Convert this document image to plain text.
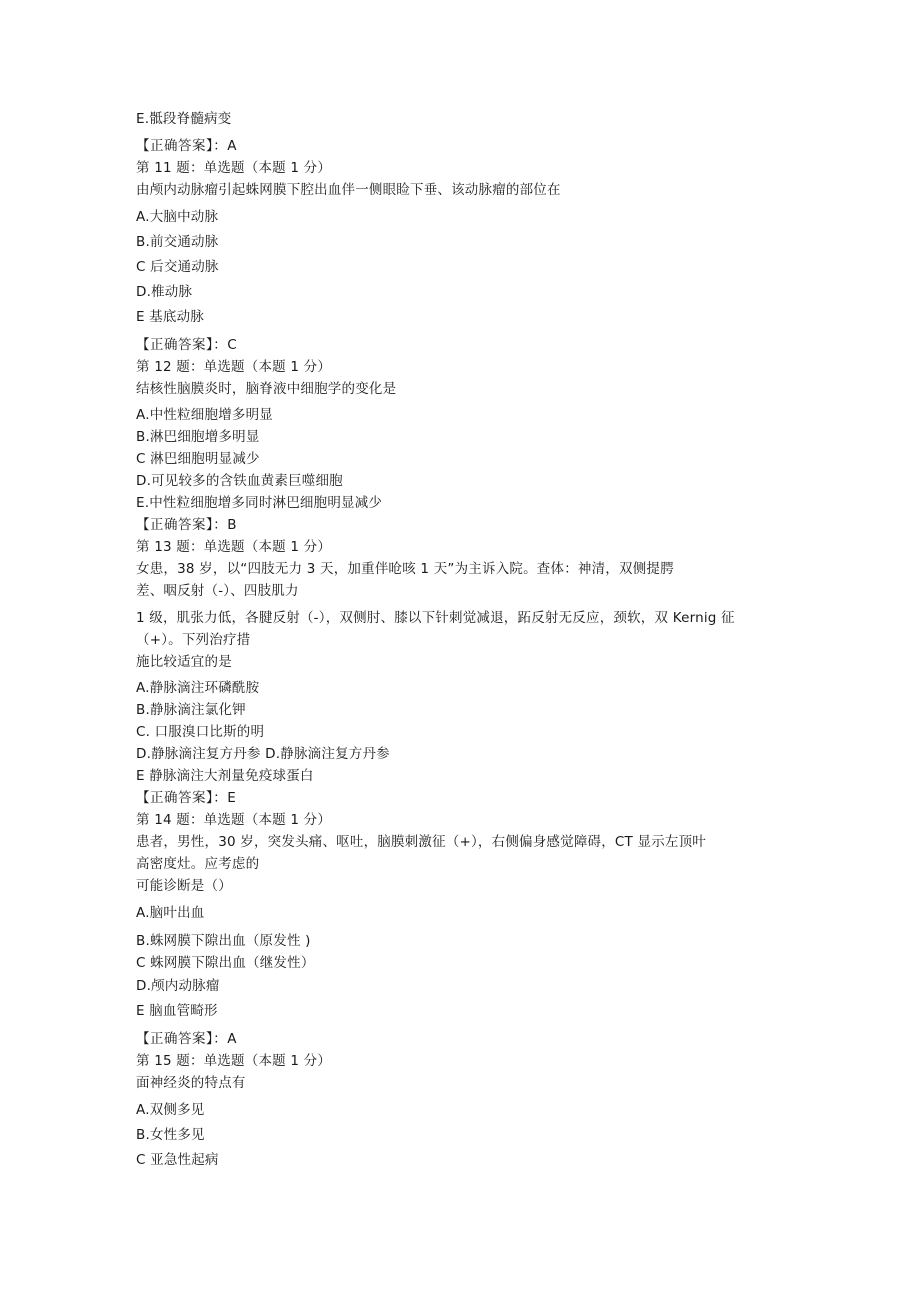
E.骶段脊髓病变
【正确答案】：A
第 11 题：单选题（本题 1 分）
由颅内动脉瘤引起蛛网膜下腔出血伴一侧眼睑下垂、该动脉瘤的部位在
A.大脑中动脉
B.前交通动脉
C 后交通动脉
D.椎动脉
E 基底动脉
【正确答案】：C
第 12 题：单选题（本题 1 分）
结核性脑膜炎时，脑脊液中细胞学的变化是
A.中性粒细胞增多明显
B.淋巴细胞增多明显
C 淋巴细胞明显减少
D.可见较多的含铁血黄素巨噬细胞
E.中性粒细胞增多同时淋巴细胞明显减少
【正确答案】：B
第 13 题：单选题（本题 1 分）
女患，38 岁，以“四肢无力 3 天，加重伴呛咳 1 天”为主诉入院。查体：神清，双侧提腭
差、咽反射（-）、四肢肌力
1 级，肌张力低，各腱反射（-），双侧肘、膝以下针刺觉减退，跖反射无反应，颈软，双 Kernig 征
（+）。下列治疗措
施比较适宜的是
A.静脉滴注环磷酰胺
B.静脉滴注氯化钾
C. 口服溴口比斯的明
D.静脉滴注复方丹参 D.静脉滴注复方丹参
E 静脉滴注大剂量免疫球蛋白
【正确答案】：E
第 14 题：单选题（本题 1 分）
患者，男性，30 岁，突发头痛、呕吐，脑膜刺激征（+），右侧偏身感觉障碍，CT 显示左顶叶
高密度灶。应考虑的
可能诊断是（）
A.脑叶出血
B.蛛网膜下隙出血（原发性 )
C 蛛网膜下隙出血（继发性）
D.颅内动脉瘤
E 脑血管畸形
【正确答案】：A
第 15 题：单选题（本题 1 分）
面神经炎的特点有
A.双侧多见
B.女性多见
C 亚急性起病
